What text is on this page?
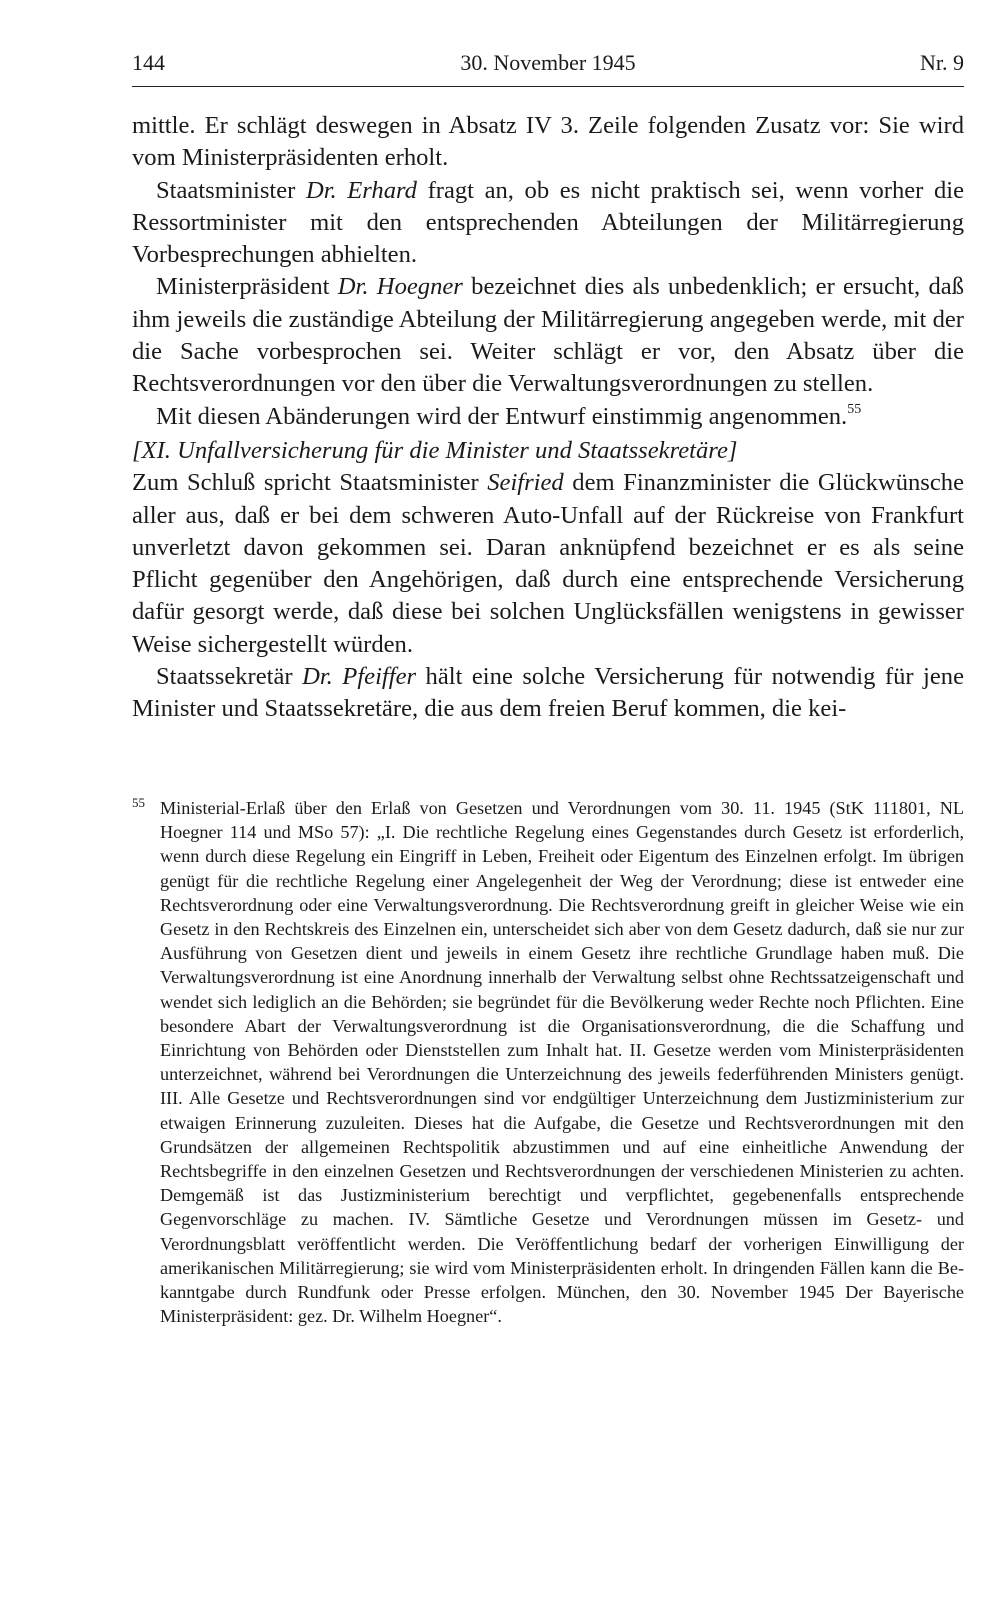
144	30. November 1945	Nr. 9

mittle. Er schlägt deswegen in Absatz IV 3. Zeile folgenden Zusatz vor: Sie wird vom Ministerpräsidenten erholt.

Staatsminister Dr. Erhard fragt an, ob es nicht praktisch sei, wenn vorher die Ressortminister mit den entsprechenden Abteilungen der Militärregierung Vorbesprechungen abhielten.

Ministerpräsident Dr. Hoegner bezeichnet dies als unbedenklich; er ersucht, daß ihm jeweils die zuständige Abteilung der Militärregierung angegeben werde, mit der die Sache vorbesprochen sei. Weiter schlägt er vor, den Absatz über die Rechtsverordnungen vor den über die Verwaltungsverordnungen zu stellen.

Mit diesen Abänderungen wird der Entwurf einstimmig angenommen.$^{55}$

[XI. Unfallversicherung für die Minister und Staatssekretäre]

Zum Schluß spricht Staatsminister Seifried dem Finanzminister die Glückwünsche aller aus, daß er bei dem schweren Auto-Unfall auf der Rückreise von Frankfurt unverletzt davon gekommen sei. Daran anknüpfend bezeichnet er es als seine Pflicht gegenüber den Angehörigen, daß durch eine entsprechende Versicherung dafür gesorgt werde, daß diese bei solchen Unglücksfällen wenigstens in gewisser Weise sichergestellt würden.

Staatssekretär Dr. Pfeiffer hält eine solche Versicherung für notwendig für jene Minister und Staatssekretäre, die aus dem freien Beruf kommen, die kei-

55 Ministerial-Erlaß über den Erlaß von Gesetzen und Verordnungen vom 30. 11. 1945 (StK 111801, NL Hoegner 114 und MSo 57): „I. Die rechtliche Regelung eines Gegenstandes durch Gesetz ist erforderlich, wenn durch diese Regelung ein Eingriff in Leben, Freiheit oder Eigentum des Einzelnen erfolgt. Im übrigen genügt für die rechtliche Regelung einer Angelegenheit der Weg der Verordnung; diese ist entweder eine Rechtsverordnung oder eine Verwaltungsverordnung. Die Rechtsverordnung greift in gleicher Weise wie ein Gesetz in den Rechtskreis des Einzelnen ein, unterscheidet sich aber von dem Gesetz dadurch, daß sie nur zur Ausführung von Gesetzen dient und jeweils in einem Gesetz ihre rechtliche Grundlage haben muß. Die Verwaltungsverordnung ist eine Anordnung innerhalb der Verwaltung selbst ohne Rechtssatzeigenschaft und wendet sich lediglich an die Behörden; sie begründet für die Bevölkerung weder Rechte noch Pflichten. Eine besondere Abart der Verwaltungsverordnung ist die Organisationsverordnung, die die Schaffung und Einrichtung von Behörden oder Dienststellen zum Inhalt hat. II. Gesetze werden vom Ministerpräsidenten unterzeichnet, während bei Verordnungen die Unterzeichnung des jeweils federführenden Ministers genügt. III. Alle Gesetze und Rechtsverordnungen sind vor endgültiger Unterzeichnung dem Justizministerium zur etwaigen Erinnerung zuzuleiten. Dieses hat die Aufgabe, die Gesetze und Rechtsverordnungen mit den Grundsätzen der allgemeinen Rechtspolitik abzustimmen und auf eine einheitliche Anwendung der Rechtsbegriffe in den einzelnen Gesetzen und Rechtsverordnungen der verschiedenen Ministerien zu achten. Demgemäß ist das Justizministerium berechtigt und verpflichtet, gegebenenfalls entsprechende Gegenvorschläge zu machen. IV. Sämtliche Gesetze und Verordnungen müssen im Gesetz- und Verordnungsblatt veröffentlicht werden. Die Veröffentlichung bedarf der vorherigen Einwilligung der amerikanischen Militärregierung; sie wird vom Ministerpräsidenten erholt. In dringenden Fällen kann die Bekanntgabe durch Rundfunk oder Presse erfolgen. München, den 30. November 1945 Der Bayerische Ministerpräsident: gez. Dr. Wilhelm Hoegner“.
